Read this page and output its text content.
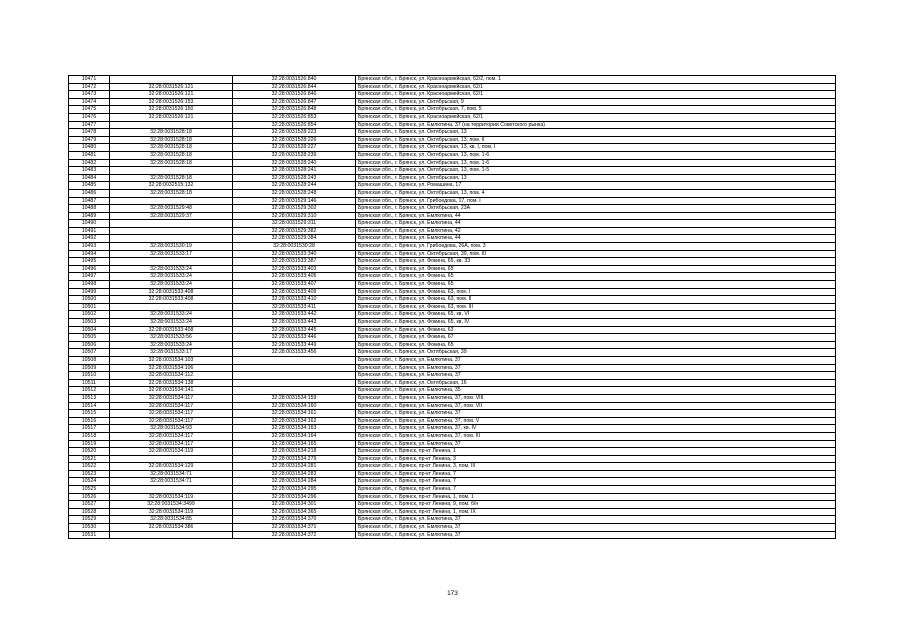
10471		32:28:0031526:840	Брянская обл., г. Брянск, ул. Красноармейская, 62/2, пом. 1
10472	32:28:0031526:121	32:28:0031526:844	Брянская обл., г. Брянск, ул. Красноармейская, 62/1
10473	32:28:0031526:121	32:28:0031526:846	Брянская обл., г. Брянск, ул. Красноармейская, 62/1
10474	32:28:0031526:153	32:28:0031526:847	Брянская обл., г. Брянск, ул. Октябрьская, 9
10475	32:28:0031526:150	32:28:0031526:848	Брянская обл., г. Брянск, ул. Октябрьская, 7, пом. 5
10476	32:28:0031526:121	32:28:0031526:853	Брянская обл., г. Брянск, ул. Красноармейская, 62/1
10477		32:28:0031526:854	Брянская обл., г. Брянск, ул. Емлютина, 37 (на территории Советского рынка)
10478	32:28:0031528:18	32:28:0031528:223	Брянская обл., г. Брянск, ул. Октябрьская, 13
10479	32:28:0031528:18	32:28:0031528:226	Брянская обл., г. Брянск, ул. Октябрьская, 13, пом. II
10480	32:28:0031528:18	32:28:0031528:227	Брянская обл., г. Брянск, ул. Октябрьская, 13, кв. I, пом. I
10481	32:28:0031528:18	32:28:0031528:239	Брянская обл., г. Брянск, ул. Октябрьская, 13, пом. 1-6
10482	32:28:0031528:18	32:28:0031528:240	Брянская обл., г. Брянск, ул. Октябрьская, 13, пом. 1-6
10483		32:28:0031528:241	Брянская обл., г. Брянск, ул. Октябрьская, 13, пом. 1-5
10484	32:28:0031528:18	32:28:0031528:243	Брянская обл., г. Брянск, ул. Октябрьская, 13
10485	32:28:0032515:132	32:28:0031528:244	Брянская обл., г. Брянск, ул. Ромашина, 17
10486	32:28:0031528:18	32:28:0031528:248	Брянская обл., г. Брянск, ул. Октябрьская, 13, пом. 4
10487		32:28:0031529:146	Брянская обл., г. Брянск, ул. Грибоедова, 17, пом. I
10488	32:28:0031529:48	32:28:0031529:302	Брянская обл., г. Брянск, ул. Октябрьская, 23А
10489	32:28:0031529:37	32:28:0031529:310	Брянская обл., г. Брянск, ул. Емлютина, 44
10490		32:28:0031529:311	Брянская обл., г. Брянск, ул. Емлютина, 44
10491		32:28:0031529:382	Брянская обл., г. Брянск, ул. Емлютина, 42
10492		32:28:0031529:384	Брянская обл., г. Брянск, ул. Емлютина, 44
10493	32:28:0031530:19	32:28:0031530:28	Брянская обл., г. Брянск, ул. Грибоедова, 26А, пом. 3
10494	32:28:0031533:17	32:28:0031533:340	Брянская обл., г. Брянск, ул. Октябрьская, 39, пом. III
10495		32:28:0031533:387	Брянская обл., г. Брянск, ул. Фокина, 65, кв. 33
10496	32:28:0031533:24	32:28:0031533:403	Брянская обл., г. Брянск, ул. Фокина, 65
10497	32:28:0031533:24	32:28:0031533:405	Брянская обл., г. Брянск, ул. Фокина, 65
10498	32:28:0031533:24	32:28:0031533:407	Брянская обл., г. Брянск, ул. Фокина, 65
10499	32:28:0031533:408	32:28:0031533:409	Брянская обл., г. Брянск, ул. Фокина, 63, пом. I
10500	32:28:0031533:408	32:28:0031533:410	Брянская обл., г. Брянск, ул. Фокина, 63, пом. II
10501		32:28:0031533:411	Брянская обл., г. Брянск, ул. Фокина, 63, пом. III
10502	32:28:0031533:24	32:28:0031533:442	Брянская обл., г. Брянск, ул. Фокина, 65, кв. VI
10503	32:28:0031533:24	32:28:0031533:443	Брянская обл., г. Брянск, ул. Фокина, 65, кв. IV
10504	32:28:0031533:408	32:28:0031533:445	Брянская обл., г. Брянск, ул. Фокина, 63
10505	32:28:0031533:56	32:28:0031533:446	Брянская обл., г. Брянск, ул. Фокина, 67
10506	32:28:0031533:24	32:28:0031533:449	Брянская обл., г. Брянск, ул. Фокина, 65
10507	32:28:0031533:17	32:28:0031533:456	Брянская обл., г. Брянск, ул. Октябрьская, 39
10508	32:28:0031534:103		Брянская обл., г. Брянск, ул. Емлютина, 37
10509	32:28:0031534:106		Брянская обл., г. Брянск, ул. Емлютина, 37
10510	32:28:0031534:112		Брянская обл., г. Брянск, ул. Емлютина, 37
10511	32:28:0031534:138		Брянская обл., г. Брянск, ул. Октябрьская, 16
10512	32:28:0031534:141		Брянская обл., г. Брянск, ул. Емлютина, 35
10513	32:28:0031534:117	32:28:0031534:159	Брянская обл., г. Брянск, ул. Емлютина, 37, пом. VIII
10514	32:28:0031534:117	32:28:0031534:160	Брянская обл., г. Брянск, ул. Емлютина, 37, пом. VII
10515	32:28:0031534:117	32:28:0031534:161	Брянская обл., г. Брянск, ул. Емлютина, 37
10516	32:28:0031534:117	32:28:0031534:162	Брянская обл., г. Брянск, ул. Емлютина, 37, пом. V
10517	32:28:0031534:93	32:28:0031534:163	Брянская обл., г. Брянск, ул. Емлютина, 37, кв. IV
10518	32:28:0031534:117	32:28:0031534:164	Брянская обл., г. Брянск, ул. Емлютина, 37, пом. III
10519	32:28:0031534:117	32:28:0031534:165	Брянская обл., г. Брянск, ул. Емлютина, 37
10520	32:28:0031534:119	32:28:0031534:218	Брянская обл., г. Брянск, пр-кт Ленина, 1
10521		32:28:0031534:279	Брянская обл., г. Брянск, пр-кт Ленина, 3
10522	32:28:0031534:129	32:28:0031534:281	Брянская обл., г. Брянск, пр-кт Ленина, 3, пом. III
10523	32:28:0031534:71	32:28:0031534:283	Брянская обл., г. Брянск, пр-кт Ленина, 7
10524	32:28:0031534:71	32:28:0031534:284	Брянская обл., г. Брянск, пр-кт Ленина, 7
10525		32:28:0031534:295	Брянская обл., г. Брянск, пр-кт Ленина, 7
10526	32:28:0031534:119	32:28:0031534:296	Брянская обл., г. Брянск, пр-кт Ленина, 1, пом. 1
10527	32:28:0031534:3499	32:28:0031534:301	Брянская обл., г. Брянск, пр-кт Ленина, 9, пом. б/н
10528	32:28:0031534:119	32:28:0031534:365	Брянская обл., г. Брянск, пр-кт Ленина, 1, пом. IX
10529	32:28:0031534:85	32:28:0031534:370	Брянская обл., г. Брянск, ул. Емлютина, 37
10530	32:28:0031534:386	32:28:0031534:371	Брянская обл., г. Брянск, ул. Емлютина, 37
10531		32:28:0031534:372	Брянская обл., г. Брянск, ул. Емлютина, 37
173
